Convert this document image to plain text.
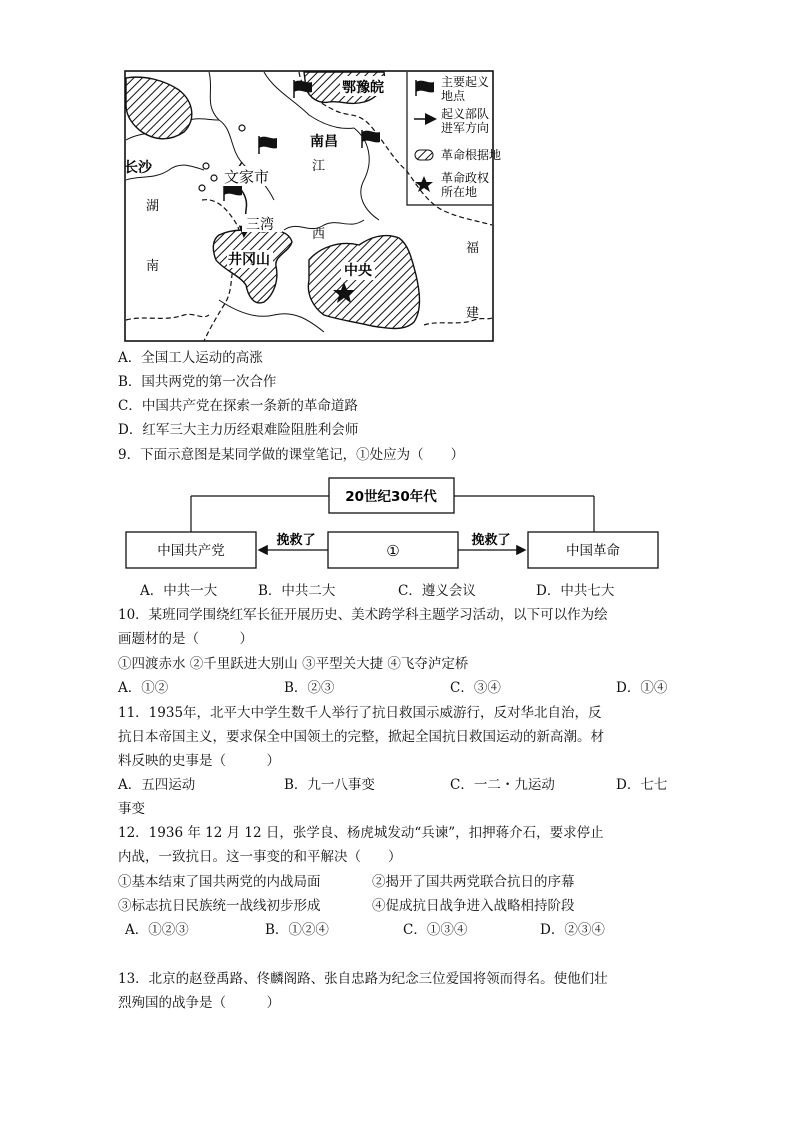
鄂豫皖
南昌
长沙
井冈山
中央
文家市
三湾
江
湖
西
南
福
建
主要起义
地点
起义部队
进军方向
革命根据地
革命政权
所在地
A．全国工人运动的高涨
B．国共两党的第一次合作
C．中国共产党在探索一条新的革命道路
D．红军三大主力历经艰难险阻胜利会师
9．下面示意图是某同学做的课堂笔记，①处应为（　　）
20世纪30年代
中国共产党	①	中国革命
挽救了	挽救了
A．中共一大	B．中共二大	C．遵义会议	D．中共七大
10．某班同学围绕红军长征开展历史、美术跨学科主题学习活动，以下可以作为绘
画题材的是（　　　）
①四渡赤水 ②千里跃进大别山 ③平型关大捷 ④飞夺泸定桥
A．①②	B．②③	C．③④	D．①④
11．1935年，北平大中学生数千人举行了抗日救国示威游行，反对华北自治，反
抗日本帝国主义，要求保全中国领土的完整，掀起全国抗日救国运动的新高潮。材
料反映的史事是（　　　）
A．五四运动	B．九一八事变	C．一二・九运动	D．七七
事变
12．1936 年 12 月 12 日，张学良、杨虎城发动“兵谏”，扣押蒋介石，要求停止
内战，一致抗日。这一事变的和平解决（　　）
①基本结束了国共两党的内战局面	②揭开了国共两党联合抗日的序幕
③标志抗日民族统一战线初步形成	④促成抗日战争进入战略相持阶段
A．①②③	B．①②④	C．①③④	D．②③④
13．北京的赵登禹路、佟麟阁路、张自忠路为纪念三位爱国将领而得名。使他们壮
烈殉国的战争是（　　　）
